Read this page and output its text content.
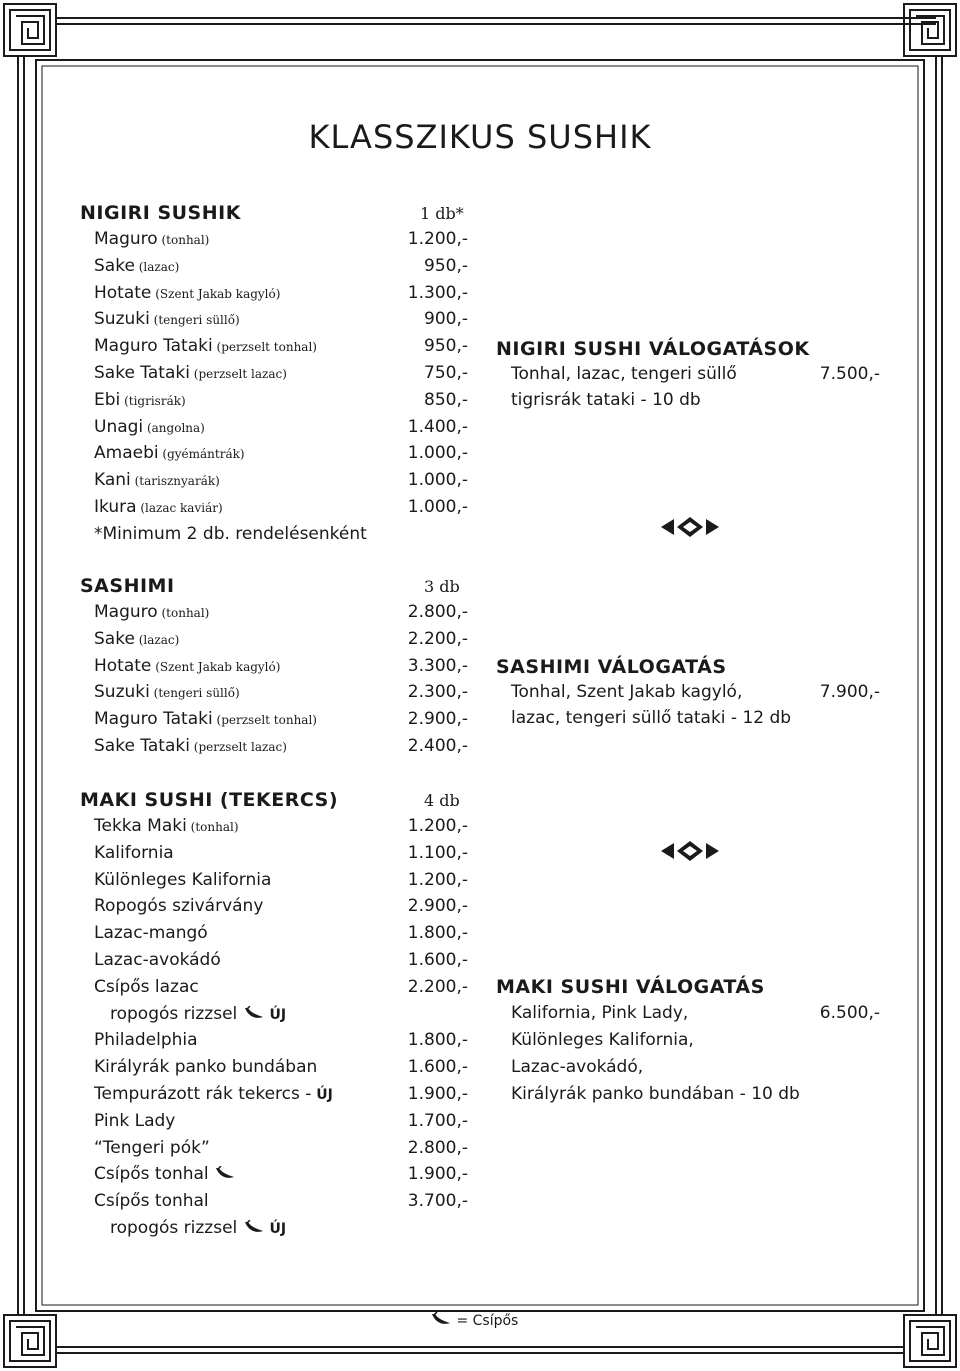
KLASSZIKUS SUSHIK
NIGIRI SUSHIK	1 db*
Maguro (tonhal)	1.200,-
Sake (lazac)	950,-
Hotate (Szent Jakab kagyló)	1.300,-
Suzuki (tengeri süllő)	900,-
Maguro Tataki (perzselt tonhal)	950,-
Sake Tataki (perzselt lazac)	750,-
Ebi (tigrisrák)	850,-
Unagi (angolna)	1.400,-
Amaebi (gyémántrák)	1.000,-
Kani (tarisznyarák)	1.000,-
Ikura (lazac kaviár)	1.000,-
*Minimum 2 db. rendelésenként
NIGIRI SUSHI VÁLOGATÁSOK
Tonhal, lazac, tengeri süllő	7.500,-
tigrisrák tataki - 10 db
SASHIMI	3 db
Maguro (tonhal)	2.800,-
Sake (lazac)	2.200,-
Hotate (Szent Jakab kagyló)	3.300,-
Suzuki (tengeri süllő)	2.300,-
Maguro Tataki (perzselt tonhal)	2.900,-
Sake Tataki (perzselt lazac)	2.400,-
SASHIMI VÁLOGATÁS
Tonhal, Szent Jakab kagyló,	7.900,-
lazac, tengeri süllő tataki - 12 db
MAKI SUSHI (TEKERCS)	4 db
Tekka Maki (tonhal)	1.200,-
Kalifornia	1.100,-
Különleges Kalifornia	1.200,-
Ropogós szivárvány	2.900,-
Lazac-mangó	1.800,-
Lazac-avokádó	1.600,-
Csípős lazac	2.200,-
ropogós rizzsel  ÚJ
Philadelphia	1.800,-
Királyrák panko bundában	1.600,-
Tempurázott rák tekercs - ÚJ	1.900,-
Pink Lady	1.700,-
“Tengeri pók”	2.800,-
Csípős tonhal	1.900,-
Csípős tonhal	3.700,-
ropogós rizzsel  ÚJ
MAKI SUSHI VÁLOGATÁS
Kalifornia, Pink Lady,	6.500,-
Különleges Kalifornia,
Lazac-avokádó,
Királyrák panko bundában - 10 db
= Csípős
